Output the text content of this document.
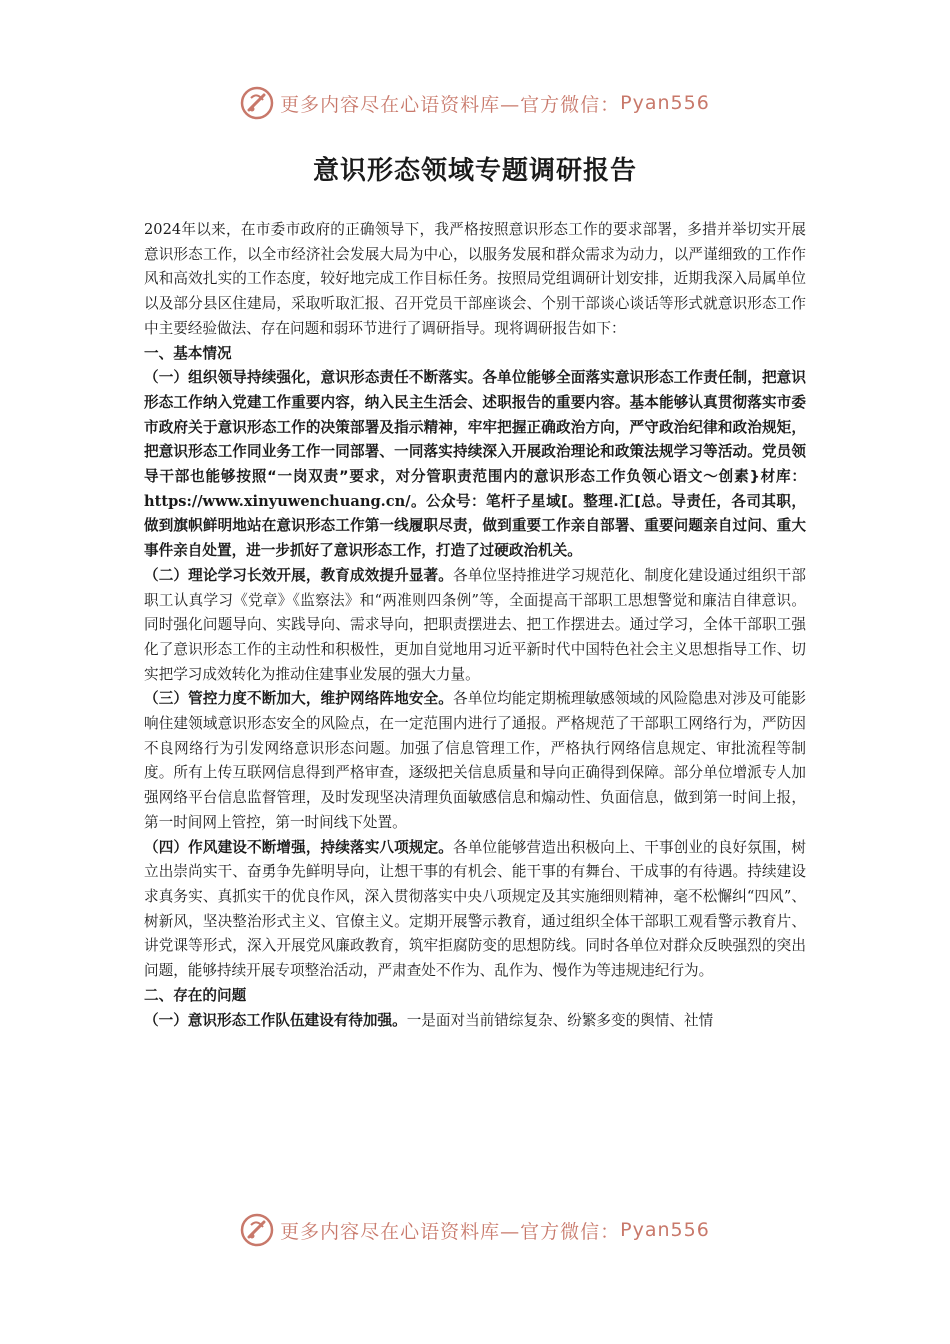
更多内容尽在心语资料库—官方微信： Pyan556
意识形态领域专题调研报告

2024年以来，在市委市政府的正确领导下，我严格按照意识形态工作的要求部署，多措并举切实开展意识形态工作，以全市经济社会发展大局为中心，以服务发展和群众需求为动力，以严谨细致的工作作风和高效扎实的工作态度，较好地完成工作目标任务。按照局党组调研计划安排，近期我深入局属单位以及部分县区住建局，采取听取汇报、召开党员干部座谈会、个别干部谈心谈话等形式就意识形态工作中主要经验做法、存在问题和弱环节进行了调研指导。现将调研报告如下：

一、基本情况

（一）组织领导持续强化，意识形态责任不断落实。各单位能够全面落实意识形态工作责任制，把意识形态工作纳入党建工作重要内容，纳入民主生活会、述职报告的重要内容。基本能够认真贯彻落实市委市政府关于意识形态工作的决策部署及指示精神，牢牢把握正确政治方向，严守政治纪律和政治规矩，把意识形态工作同业务工作一同部署、一同落实持续深入开展政治理论和政策法规学习等活动。党员领导干部也能够按照“一岗双责”要求，对分管职责范围内的意识形态工作负领心语文～创素}材库：https://www.xinyuwenchuang.cn/。公众号：笔杆子星域[。整理.汇[总。导责任，各司其职，做到旗帜鲜明地站在意识形态工作第一线履职尽责，做到重要工作亲自部署、重要问题亲自过问、重大事件亲自处置，进一步抓好了意识形态工作，打造了过硬政治机关。

（二）理论学习长效开展，教育成效提升显著。各单位坚持推进学习规范化、制度化建设通过组织干部职工认真学习《党章》《监察法》和“两准则四条例”等，全面提高干部职工思想警觉和廉洁自律意识。同时强化问题导向、实践导向、需求导向，把职责摆进去、把工作摆进去。通过学习，全体干部职工强化了意识形态工作的主动性和积极性，更加自觉地用习近平新时代中国特色社会主义思想指导工作、切实把学习成效转化为推动住建事业发展的强大力量。

（三）管控力度不断加大，维护网络阵地安全。各单位均能定期梳理敏感领域的风险隐患对涉及可能影响住建领域意识形态安全的风险点，在一定范围内进行了通报。严格规范了干部职工网络行为，严防因不良网络行为引发网络意识形态问题。加强了信息管理工作，严格执行网络信息规定、审批流程等制度。所有上传互联网信息得到严格审查，逐级把关信息质量和导向正确得到保障。部分单位增派专人加强网络平台信息监督管理，及时发现坚决清理负面敏感信息和煽动性、负面信息，做到第一时间上报，第一时间网上管控，第一时间线下处置。

（四）作风建设不断增强，持续落实八项规定。各单位能够营造出积极向上、干事创业的良好氛围，树立出崇尚实干、奋勇争先鲜明导向，让想干事的有机会、能干事的有舞台、干成事的有待遇。持续建设求真务实、真抓实干的优良作风，深入贯彻落实中央八项规定及其实施细则精神，毫不松懈纠“四风”、树新风，坚决整治形式主义、官僚主义。定期开展警示教育，通过组织全体干部职工观看警示教育片、讲党课等形式，深入开展党风廉政教育，筑牢拒腐防变的思想防线。同时各单位对群众反映强烈的突出问题，能够持续开展专项整治活动，严肃查处不作为、乱作为、慢作为等违规违纪行为。

二、存在的问题

（一）意识形态工作队伍建设有待加强。一是面对当前错综复杂、纷繁多变的舆情、社情

更多内容尽在心语资料库—官方微信： Pyan556
